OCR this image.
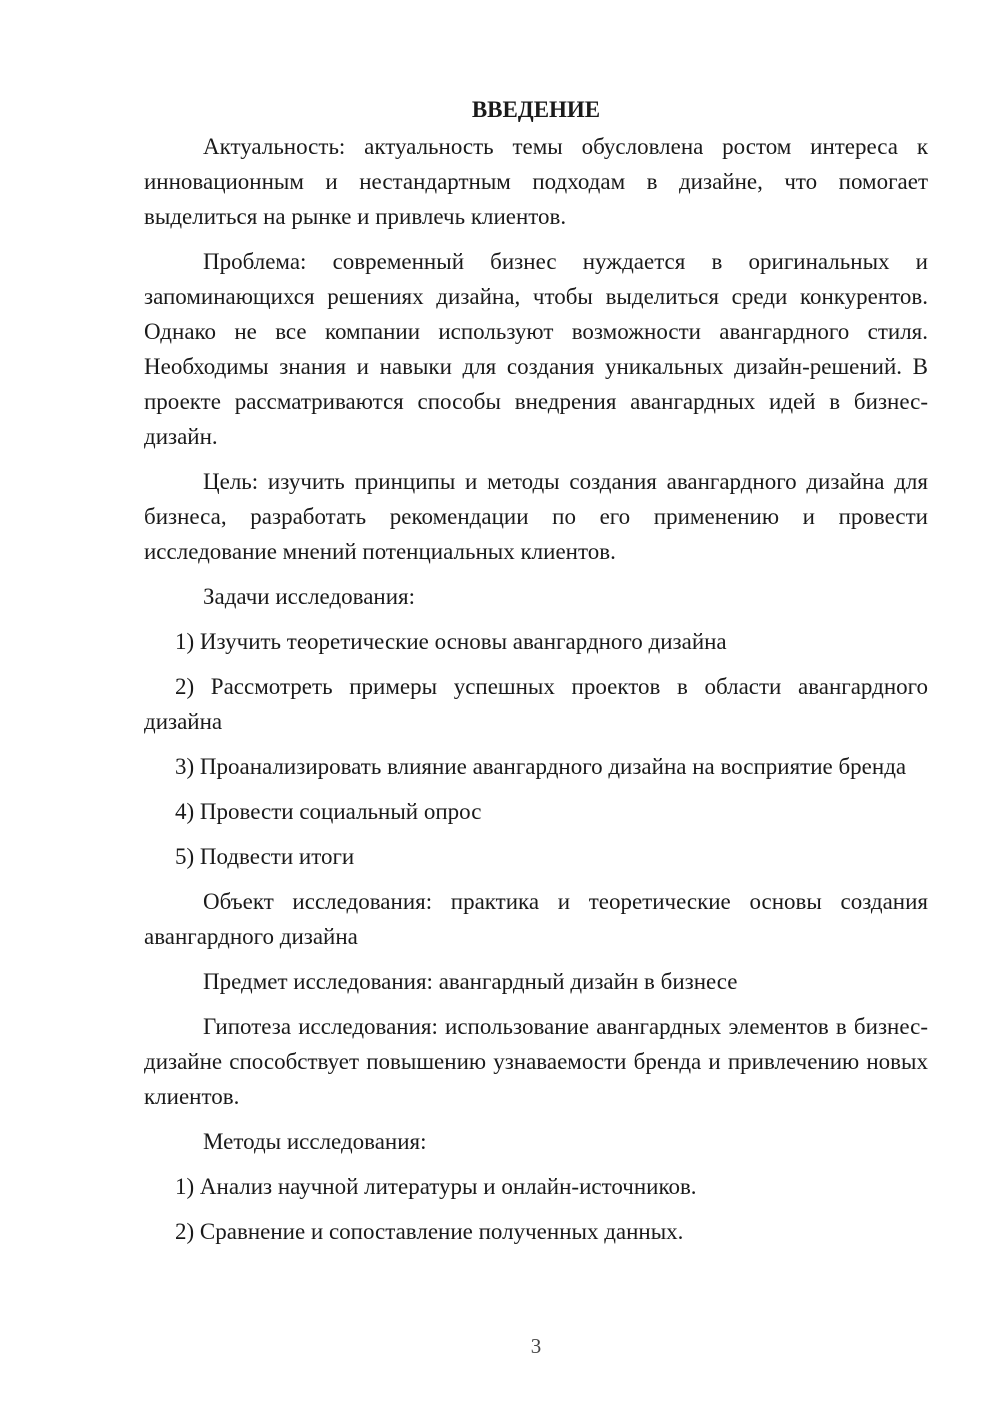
ВВЕДЕНИЕ

Актуальность: актуальность темы обусловлена ростом интереса к инновационным и нестандартным подходам в дизайне, что помогает выделиться на рынке и привлечь клиентов.

Проблема: современный бизнес нуждается в оригинальных и запоминающихся решениях дизайна, чтобы выделиться среди конкурентов. Однако не все компании используют возможности авангардного стиля. Необходимы знания и навыки для создания уникальных дизайн-решений. В проекте рассматриваются способы внедрения авангардных идей в бизнес-дизайн.

Цель: изучить принципы и методы создания авангардного дизайна для бизнеса, разработать рекомендации по его применению и провести исследование мнений потенциальных клиентов.

Задачи исследования:

1) Изучить теоретические основы авангардного дизайна

2) Рассмотреть примеры успешных проектов в области авангардного дизайна

3) Проанализировать влияние авангардного дизайна на восприятие бренда

4) Провести социальный опрос

5) Подвести итоги

Объект исследования: практика и теоретические основы создания авангардного дизайна

Предмет исследования: авангардный дизайн в бизнесе

Гипотеза исследования: использование авангардных элементов в бизнес-дизайне способствует повышению узнаваемости бренда и привлечению новых клиентов.

Методы исследования:

1) Анализ научной литературы и онлайн-источников.

2) Сравнение и сопоставление полученных данных.

3
